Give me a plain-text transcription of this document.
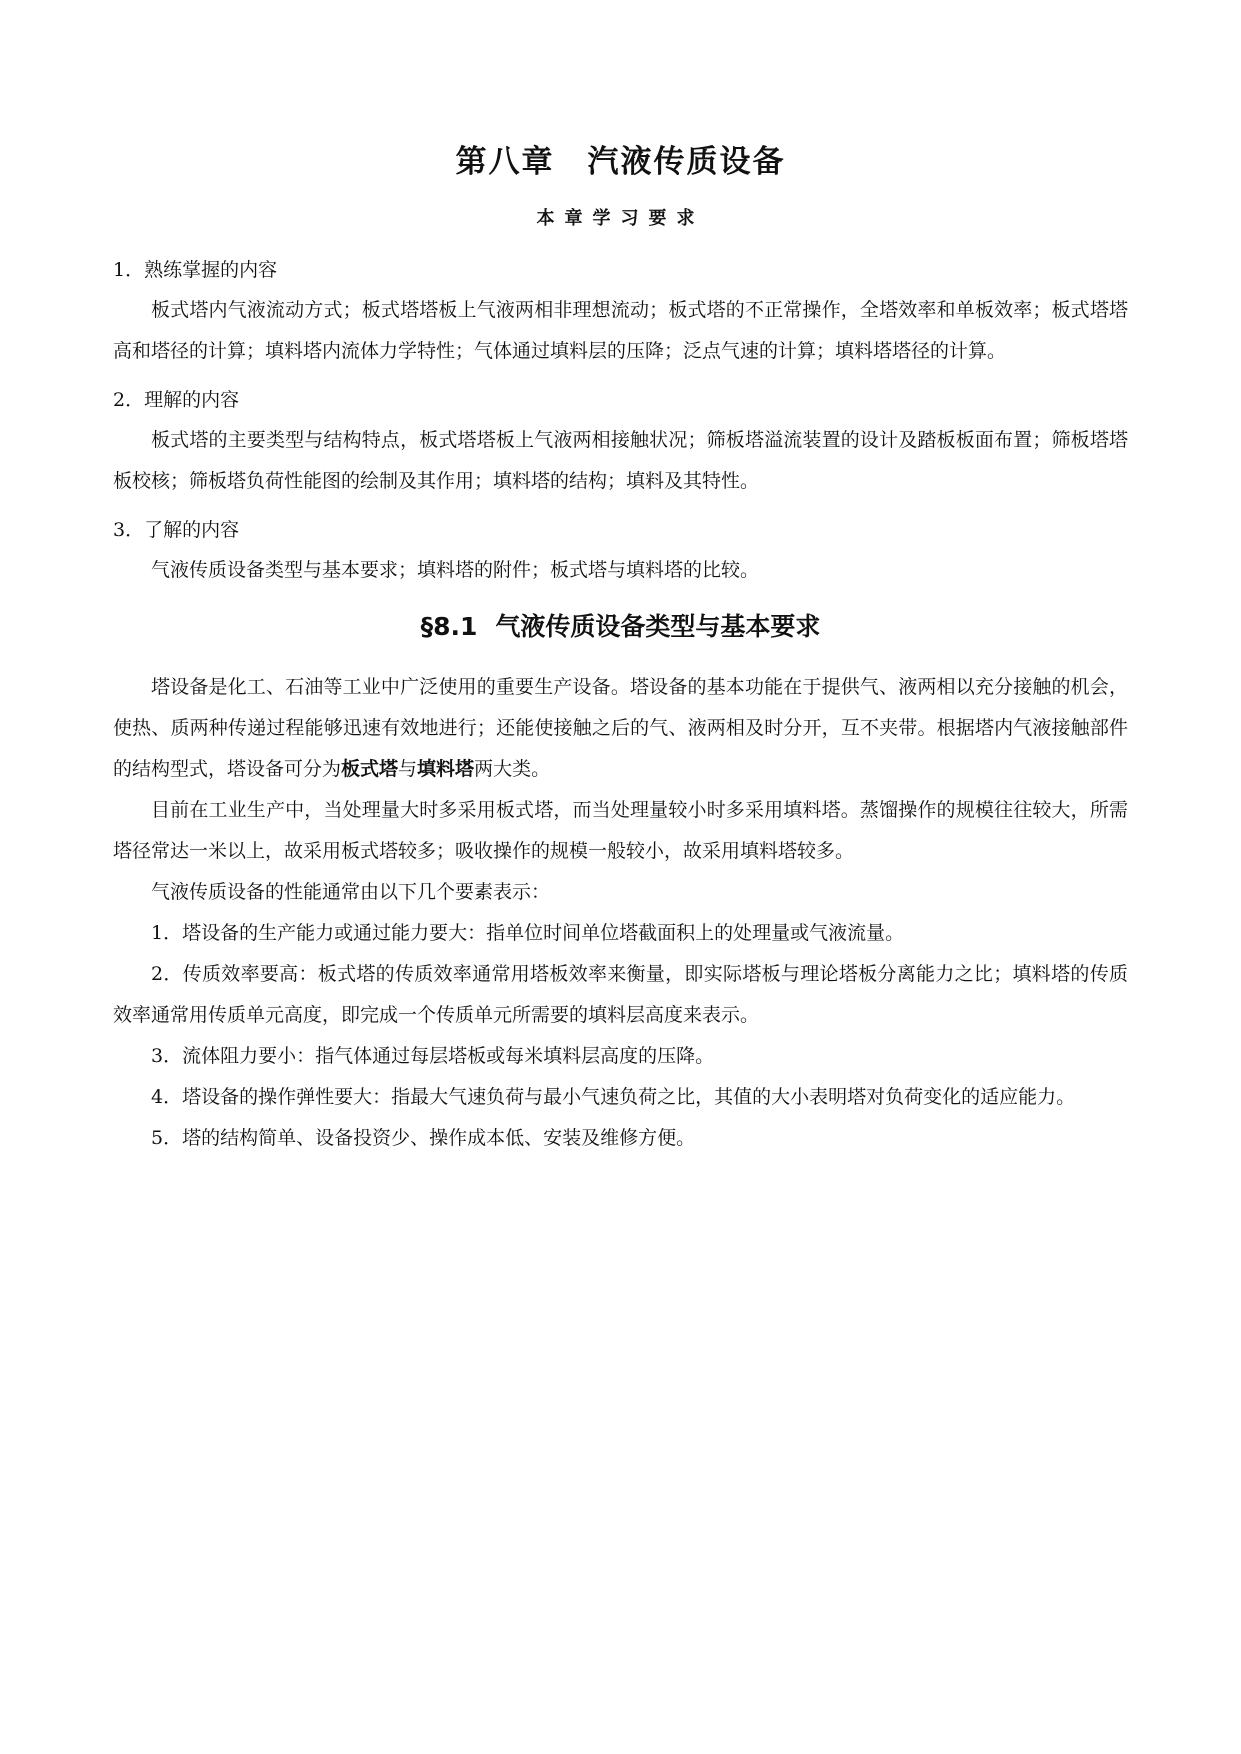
第八章　汽液传质设备
本章学习要求
1．熟练掌握的内容

板式塔内气液流动方式；板式塔塔板上气液两相非理想流动；板式塔的不正常操作，全塔效率和单板效率；板式塔塔高和塔径的计算；填料塔内流体力学特性；气体通过填料层的压降；泛点气速的计算；填料塔塔径的计算。

2．理解的内容

板式塔的主要类型与结构特点，板式塔塔板上气液两相接触状况；筛板塔溢流装置的设计及踏板板面布置；筛板塔塔板校核；筛板塔负荷性能图的绘制及其作用；填料塔的结构；填料及其特性。

3．了解的内容

气液传质设备类型与基本要求；填料塔的附件；板式塔与填料塔的比较。

§8.1 气液传质设备类型与基本要求

塔设备是化工、石油等工业中广泛使用的重要生产设备。塔设备的基本功能在于提供气、液两相以充分接触的机会，使热、质两种传递过程能够迅速有效地进行；还能使接触之后的气、液两相及时分开，互不夹带。根据塔内气液接触部件的结构型式，塔设备可分为板式塔与填料塔两大类。

目前在工业生产中，当处理量大时多采用板式塔，而当处理量较小时多采用填料塔。蒸馏操作的规模往往较大，所需塔径常达一米以上，故采用板式塔较多；吸收操作的规模一般较小，故采用填料塔较多。

气液传质设备的性能通常由以下几个要素表示：

1．塔设备的生产能力或通过能力要大：指单位时间单位塔截面积上的处理量或气液流量。

2．传质效率要高：板式塔的传质效率通常用塔板效率来衡量，即实际塔板与理论塔板分离能力之比；填料塔的传质效率通常用传质单元高度，即完成一个传质单元所需要的填料层高度来表示。

3．流体阻力要小：指气体通过每层塔板或每米填料层高度的压降。

4．塔设备的操作弹性要大：指最大气速负荷与最小气速负荷之比，其值的大小表明塔对负荷变化的适应能力。

5．塔的结构简单、设备投资少、操作成本低、安装及维修方便。
